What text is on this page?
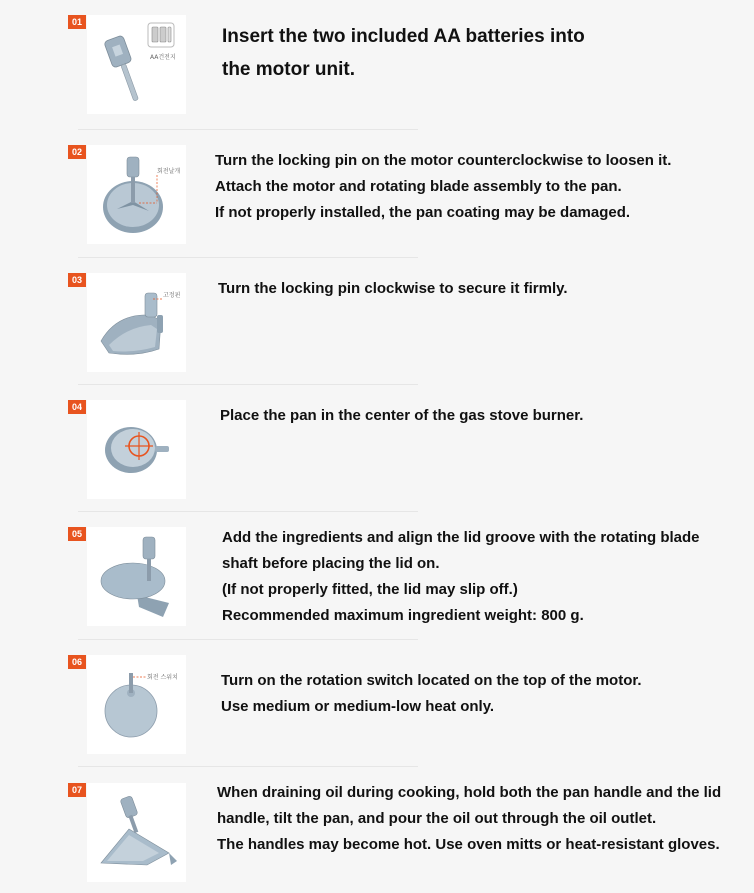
01
AA건전지
Insert the two included AA batteries into
the motor unit.
02
회전날개
Turn the locking pin on the motor counterclockwise to loosen it.
Attach the motor and rotating blade assembly to the pan.
If not properly installed, the pan coating may be damaged.
03
고정핀	Turn the locking pin clockwise to secure it firmly.
04	Place the pan in the center of the gas stove burner.
05	Add the ingredients and align the lid groove with the rotating blade
shaft before placing the lid on.
(If not properly fitted, the lid may slip off.)
Recommended maximum ingredient weight: 800 g.
06
회전 스위치	Turn on the rotation switch located on the top of the motor.
Use medium or medium-low heat only.
07	When draining oil during cooking, hold both the pan handle and the lid
handle, tilt the pan, and pour the oil out through the oil outlet.
The handles may become hot. Use oven mitts or heat-resistant gloves.
